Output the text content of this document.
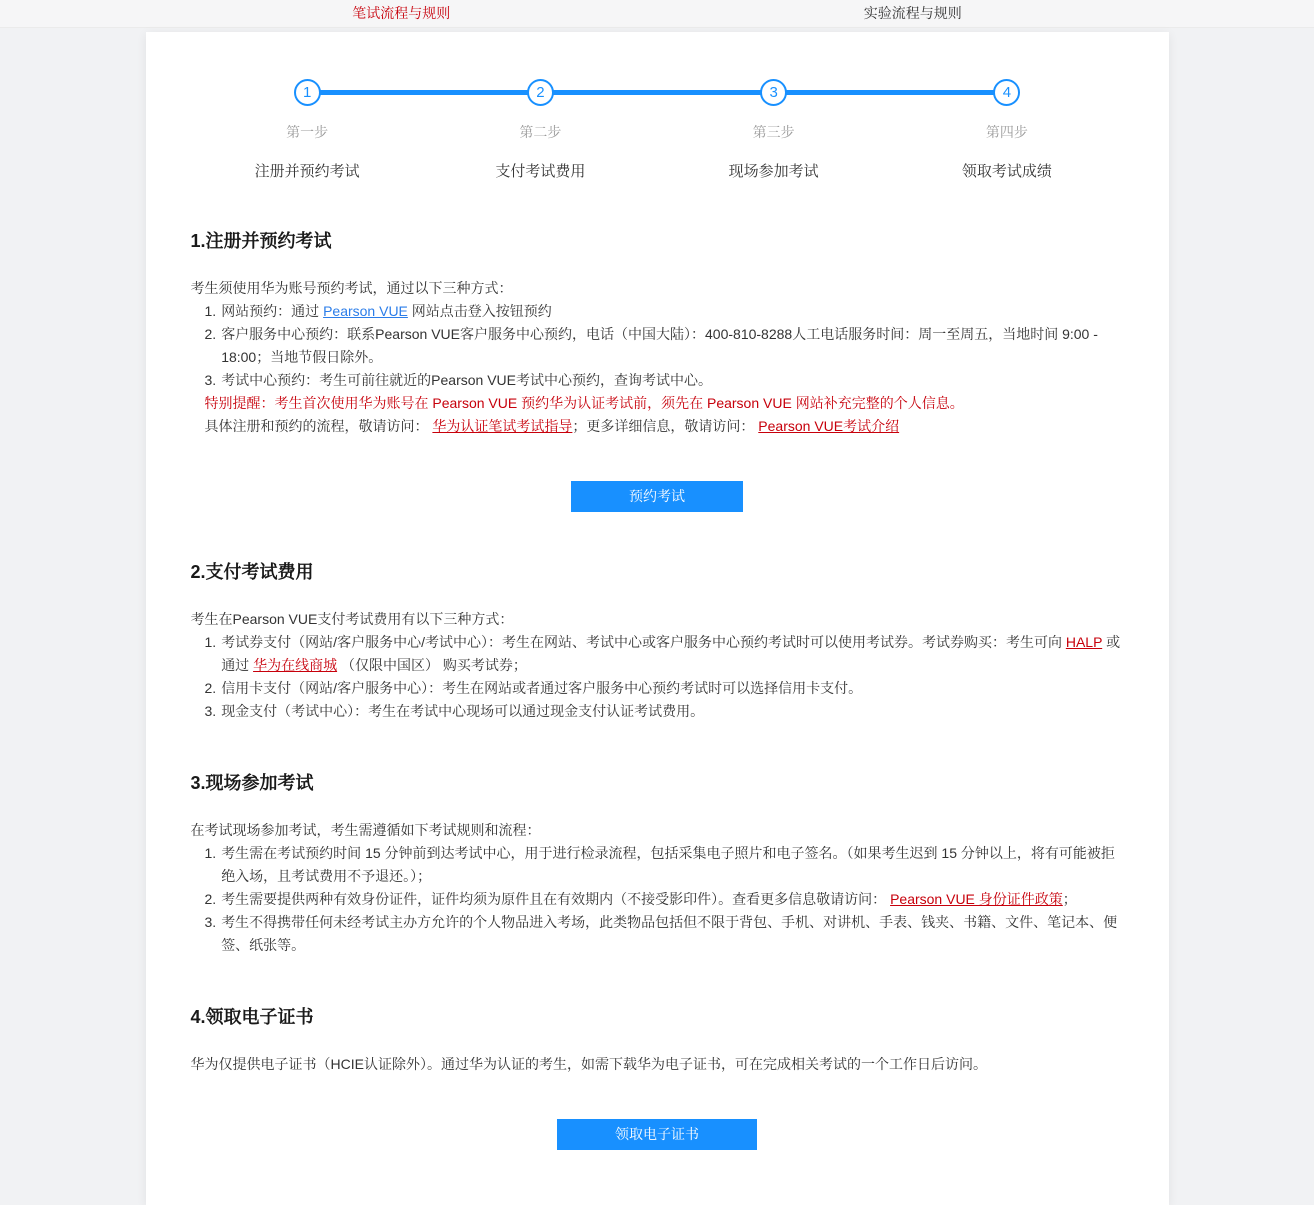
笔试流程与规则	实验流程与规则
1
第一步
注册并预约考试
2
第二步
支付考试费用
3
第三步
现场参加考试
4
第四步
领取考试成绩
1.注册并预约考试

考生须使用华为账号预约考试，通过以下三种方式：

1. 网站预约：通过 Pearson VUE 网站点击登入按钮预约
2. 客户服务中心预约：联系Pearson VUE客户服务中心预约，电话（中国大陆）：400-810-8288人工电话服务时间：周一至周五，当地时间 9:00 - 18:00；当地节假日除外。
3. 考试中心预约：考生可前往就近的Pearson VUE考试中心预约，查询考试中心。
特别提醒：考生首次使用华为账号在 Pearson VUE 预约华为认证考试前，须先在 Pearson VUE 网站补充完整的个人信息。
具体注册和预约的流程，敬请访问： 华为认证笔试考试指导；更多详细信息，敬请访问： Pearson VUE考试介绍
预约考试
2.支付考试费用

考生在Pearson VUE支付考试费用有以下三种方式：

1. 考试券支付（网站/客户服务中心/考试中心）：考生在网站、考试中心或客户服务中心预约考试时可以使用考试券。考试券购买：考生可向 HALP 或通过 华为在线商城 （仅限中国区） 购买考试券；
2. 信用卡支付（网站/客户服务中心）：考生在网站或者通过客户服务中心预约考试时可以选择信用卡支付。
3. 现金支付（考试中心）：考生在考试中心现场可以通过现金支付认证考试费用。
3.现场参加考试

在考试现场参加考试，考生需遵循如下考试规则和流程：

1. 考生需在考试预约时间 15 分钟前到达考试中心，用于进行检录流程，包括采集电子照片和电子签名。（如果考生迟到 15 分钟以上，将有可能被拒绝入场，且考试费用不予退还。）；
2. 考生需要提供两种有效身份证件，证件均须为原件且在有效期内（不接受影印件）。查看更多信息敬请访问： Pearson VUE 身份证件政策；
3. 考生不得携带任何未经考试主办方允许的个人物品进入考场，此类物品包括但不限于背包、手机、对讲机、手表、钱夹、书籍、文件、笔记本、便签、纸张等。
4.领取电子证书

华为仅提供电子证书（HCIE认证除外）。通过华为认证的考生，如需下载华为电子证书，可在完成相关考试的一个工作日后访问。

领取电子证书
